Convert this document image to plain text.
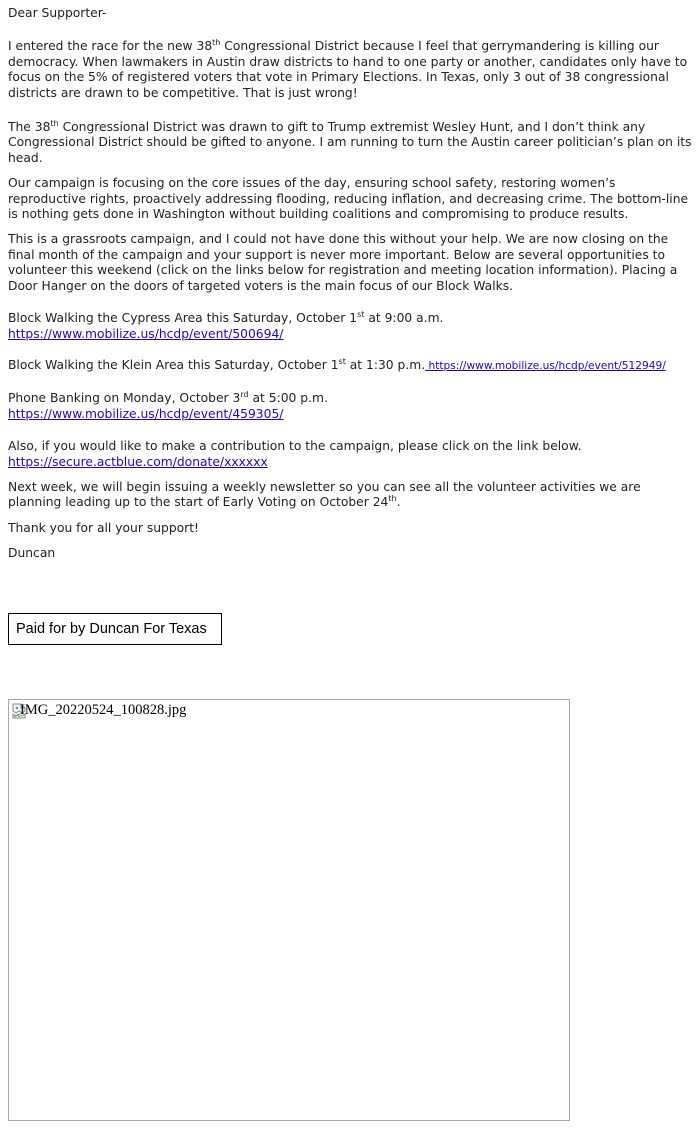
Dear Supporter-

I entered the race for the new 38th Congressional District because I feel that gerrymandering is killing our democracy. When lawmakers in Austin draw districts to hand to one party or another, candidates only have to focus on the 5% of registered voters that vote in Primary Elections. In Texas, only 3 out of 38 congressional districts are drawn to be competitive. That is just wrong!

The 38th Congressional District was drawn to gift to Trump extremist Wesley Hunt, and I don’t think any Congressional District should be gifted to anyone. I am running to turn the Austin career politician’s plan on its head.

Our campaign is focusing on the core issues of the day, ensuring school safety, restoring women’s reproductive rights, proactively addressing flooding, reducing inflation, and decreasing crime. The bottom-line is nothing gets done in Washington without building coalitions and compromising to produce results.

This is a grassroots campaign, and I could not have done this without your help. We are now closing on the final month of the campaign and your support is never more important. Below are several opportunities to volunteer this weekend (click on the links below for registration and meeting location information). Placing a Door Hanger on the doors of targeted voters is the main focus of our Block Walks.

Block Walking the Cypress Area this Saturday, October 1st at 9:00 a.m.
https://www.mobilize.us/hcdp/event/500694/

Block Walking the Klein Area this Saturday, October 1st at 1:30 p.m. https://www.mobilize.us/hcdp/event/512949/

Phone Banking on Monday, October 3rd at 5:00 p.m.
https://www.mobilize.us/hcdp/event/459305/

Also, if you would like to make a contribution to the campaign, please click on the link below.
https://secure.actblue.com/donate/xxxxxx

Next week, we will begin issuing a weekly newsletter so you can see all the volunteer activities we are planning leading up to the start of Early Voting on October 24th.

Thank you for all your support!

Duncan

Paid for by Duncan For Texas
IMG_20220524_100828.jpg
